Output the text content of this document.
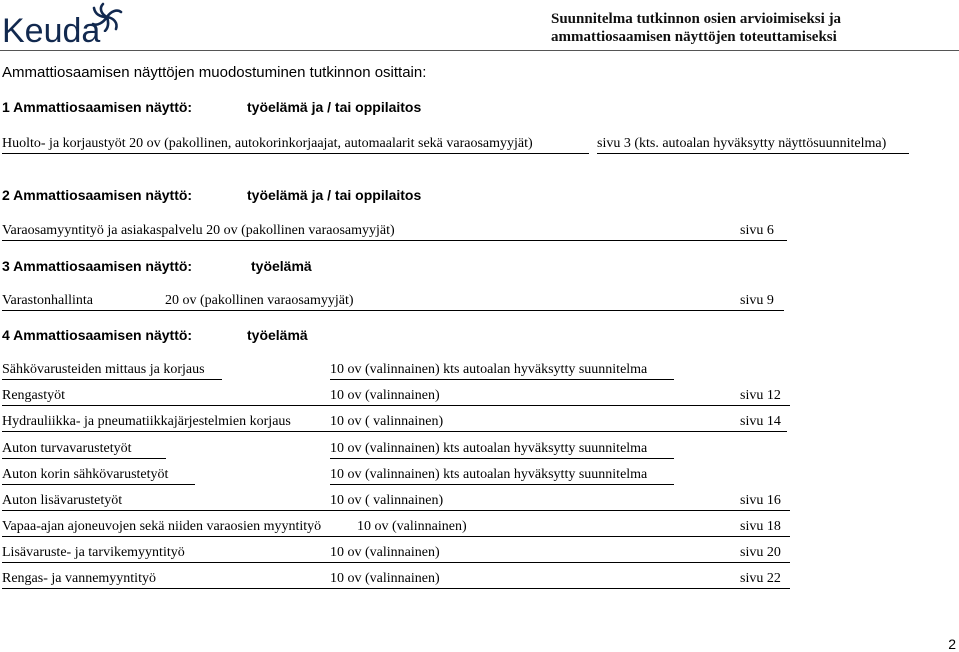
Keuda	Suunnitelma tutkinnon osien arvioimiseksi ja ammattiosaamisen näyttöjen toteuttamiseksi
Ammattiosaamisen näyttöjen muodostuminen tutkinnon osittain:
1 Ammattiosaamisen näyttö:	työelämä ja / tai oppilaitos
Huolto- ja korjaustyöt 20 ov (pakollinen, autokorinkorjaajat, automaalarit sekä varaosamyyjät)	sivu 3 (kts. autoalan hyväksytty näyttösuunnitelma)
2 Ammattiosaamisen näyttö:	työelämä ja / tai oppilaitos
Varaosamyyntityö ja asiakaspalvelu 20 ov (pakollinen varaosamyyjät)	sivu 6
3 Ammattiosaamisen näyttö:	työelämä
Varastonhallinta	20 ov (pakollinen varaosamyyjät)	sivu 9
4 Ammattiosaamisen näyttö:	työelämä
Sähkövarusteiden mittaus ja korjaus	10 ov (valinnainen) kts autoalan hyväksytty suunnitelma
Rengastyöt	10 ov (valinnainen)	sivu 12
Hydrauliikka- ja pneumatiikkajärjestelmien korjaus	10 ov ( valinnainen)	sivu 14
Auton turvavarustetyöt	10 ov (valinnainen) kts autoalan hyväksytty suunnitelma
Auton korin sähkövarustetyöt	10 ov (valinnainen) kts autoalan hyväksytty suunnitelma
Auton lisävarustetyöt	10 ov ( valinnainen)	sivu 16
Vapaa-ajan ajoneuvojen sekä niiden varaosien myyntityö	10 ov (valinnainen)	sivu 18
Lisävaruste- ja tarvikemyyntityö	10 ov (valinnainen)	sivu 20
Rengas- ja vannemyyntityö	10 ov (valinnainen)	sivu 22
2
